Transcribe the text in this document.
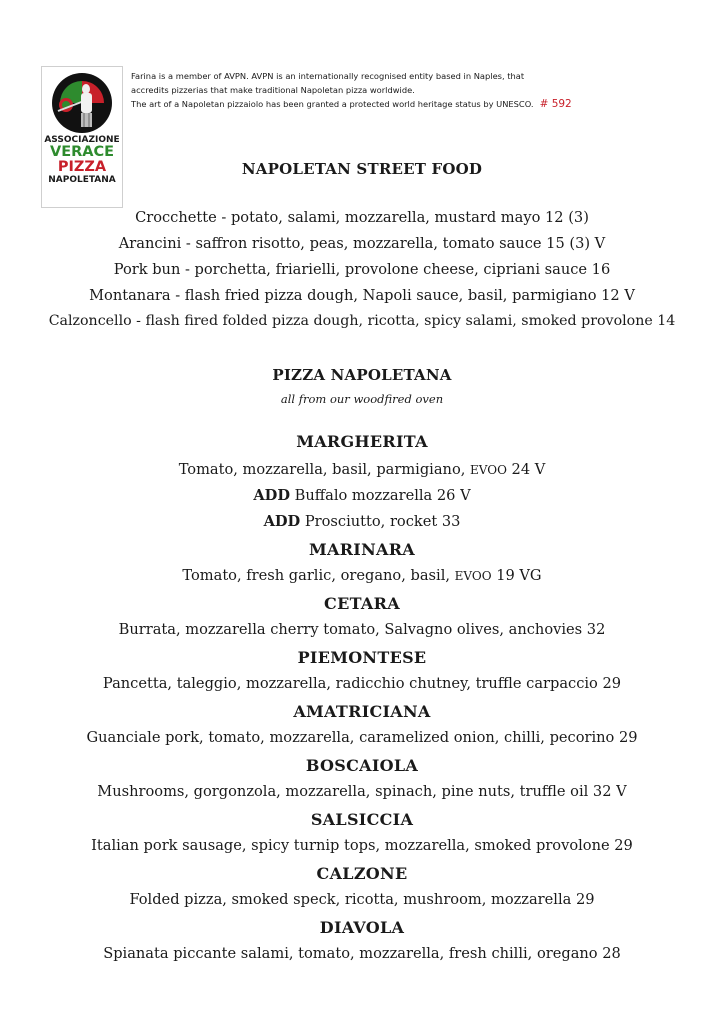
ASSOCIAZIONE
VERACE
PIZZA
NAPOLETANA

Farina is a member of AVPN. AVPN is an internationally recognised entity based in Naples, that

accredits pizzerias that make traditional Napoletan pizza worldwide.

The art of a Napoletan pizzaiolo has been granted a protected world heritage status by UNESCO. # 592

NAPOLETAN STREET FOOD
Crocchette - potato, salami, mozzarella, mustard mayo 12 (3)
Arancini - saffron risotto, peas, mozzarella, tomato sauce 15 (3) V
Pork bun - porchetta, friarielli, provolone cheese, cipriani sauce 16
Montanara - flash fried pizza dough, Napoli sauce, basil, parmigiano 12 V
Calzoncello - flash fired folded pizza dough, ricotta, spicy salami, smoked provolone 14
PIZZA NAPOLETANA
all from our woodfired oven
MARGHERITA
Tomato, mozzarella, basil, parmigiano, EVOO 24 V
ADD Buffalo mozzarella 26 V
ADD Prosciutto, rocket 33
MARINARA
Tomato, fresh garlic, oregano, basil, EVOO 19 VG
CETARA
Burrata, mozzarella cherry tomato, Salvagno olives, anchovies 32
PIEMONTESE
Pancetta, taleggio, mozzarella, radicchio chutney, truffle carpaccio 29
AMATRICIANA
Guanciale pork, tomato, mozzarella, caramelized onion, chilli, pecorino 29
BOSCAIOLA
Mushrooms, gorgonzola, mozzarella, spinach, pine nuts, truffle oil 32 V
SALSICCIA
Italian pork sausage, spicy turnip tops, mozzarella, smoked provolone 29
CALZONE
Folded pizza, smoked speck, ricotta, mushroom, mozzarella 29
DIAVOLA
Spianata piccante salami, tomato, mozzarella, fresh chilli, oregano 28
